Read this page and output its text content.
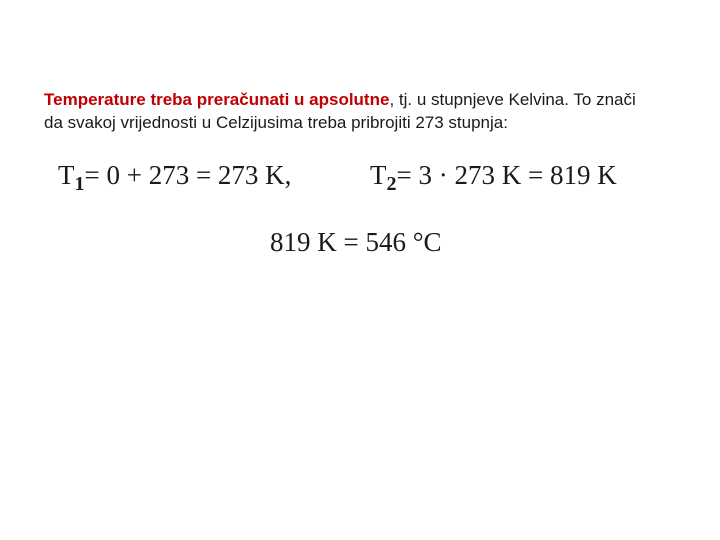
Temperature treba preračunati u apsolutne, tj. u stupnjeve Kelvina. To znači
da svakoj vrijednosti u Celzijusima treba pribrojiti 273 stupnja:

$T_1= 0 + 273 = 273$ K,	$T_2= 3 \cdot 273$ K = 819 K
819 K = 546 °C
